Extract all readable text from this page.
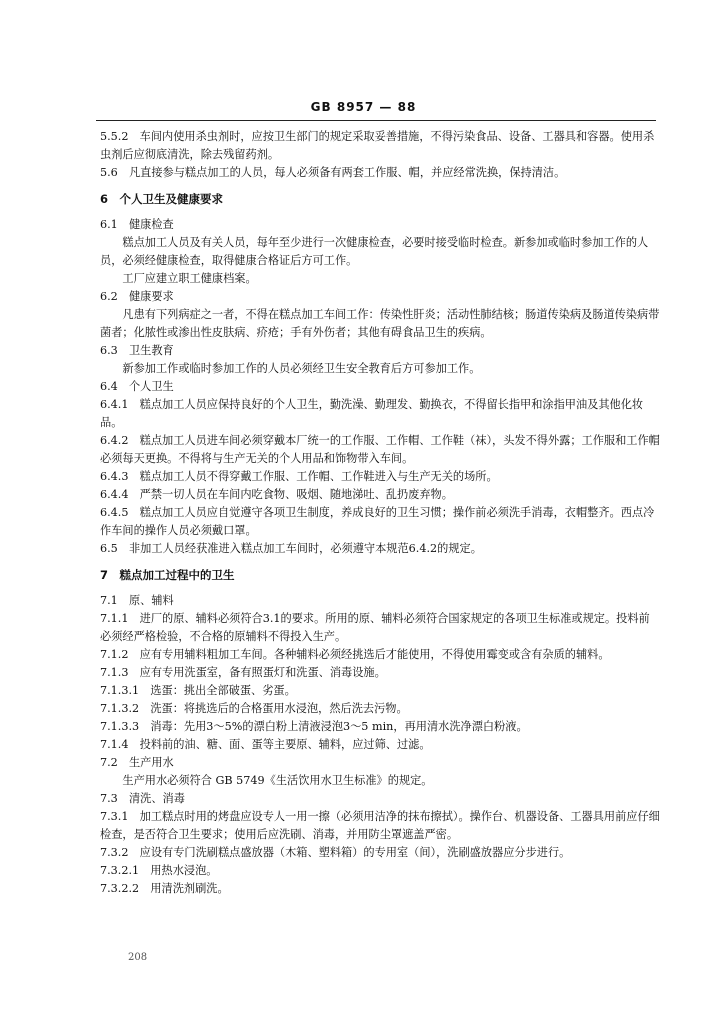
GB 8957 — 88

5.5.2　车间内使用杀虫剂时，应按卫生部门的规定采取妥善措施，不得污染食品、设备、工器具和容器。使用杀虫剂后应彻底清洗，除去残留药剂。

5.6　凡直接参与糕点加工的人员，每人必须备有两套工作服、帽，并应经常洗换，保持清洁。

6　个人卫生及健康要求

6.1　健康检查

糕点加工人员及有关人员，每年至少进行一次健康检查，必要时接受临时检查。新参加或临时参加工作的人员，必须经健康检查，取得健康合格证后方可工作。

工厂应建立职工健康档案。

6.2　健康要求

凡患有下列病症之一者，不得在糕点加工车间工作：传染性肝炎；活动性肺结核；肠道传染病及肠道传染病带菌者；化脓性或渗出性皮肤病、疥疮；手有外伤者；其他有碍食品卫生的疾病。

6.3　卫生教育

新参加工作或临时参加工作的人员必须经卫生安全教育后方可参加工作。

6.4　个人卫生

6.4.1　糕点加工人员应保持良好的个人卫生，勤洗澡、勤理发、勤换衣，不得留长指甲和涂指甲油及其他化妆品。

6.4.2　糕点加工人员进车间必须穿戴本厂统一的工作服、工作帽、工作鞋（袜），头发不得外露；工作服和工作帽必须每天更换。不得将与生产无关的个人用品和饰物带入车间。

6.4.3　糕点加工人员不得穿戴工作服、工作帽、工作鞋进入与生产无关的场所。

6.4.4　严禁一切人员在车间内吃食物、吸烟、随地涕吐、乱扔废弃物。

6.4.5　糕点加工人员应自觉遵守各项卫生制度，养成良好的卫生习惯；操作前必须洗手消毒，衣帽整齐。西点冷作车间的操作人员必须戴口罩。

6.5　非加工人员经获准进入糕点加工车间时，必须遵守本规范6.4.2的规定。

7　糕点加工过程中的卫生

7.1　原、辅料

7.1.1　进厂的原、辅料必须符合3.1的要求。所用的原、辅料必须符合国家规定的各项卫生标准或规定。投料前必须经严格检验，不合格的原辅料不得投入生产。

7.1.2　应有专用辅料粗加工车间。各种辅料必须经挑选后才能使用，不得使用霉变或含有杂质的辅料。

7.1.3　应有专用洗蛋室，备有照蛋灯和洗蛋、消毒设施。

7.1.3.1　选蛋：挑出全部破蛋、劣蛋。

7.1.3.2　洗蛋：将挑选后的合格蛋用水浸泡，然后洗去污物。

7.1.3.3　消毒：先用3～5%的漂白粉上清液浸泡3～5 min，再用清水洗净漂白粉液。

7.1.4　投料前的油、糖、面、蛋等主要原、辅料，应过筛、过滤。

7.2　生产用水

生产用水必须符合 GB 5749《生活饮用水卫生标准》的规定。

7.3　清洗、消毒

7.3.1　加工糕点时用的烤盘应设专人一用一擦（必须用洁净的抹布擦拭）。操作台、机器设备、工器具用前应仔细检查，是否符合卫生要求；使用后应洗刷、消毒，并用防尘罩遮盖严密。

7.3.2　应设有专门洗刷糕点盛放器（木箱、塑料箱）的专用室（间），洗刷盛放器应分步进行。

7.3.2.1　用热水浸泡。

7.3.2.2　用清洗剂刷洗。

208
